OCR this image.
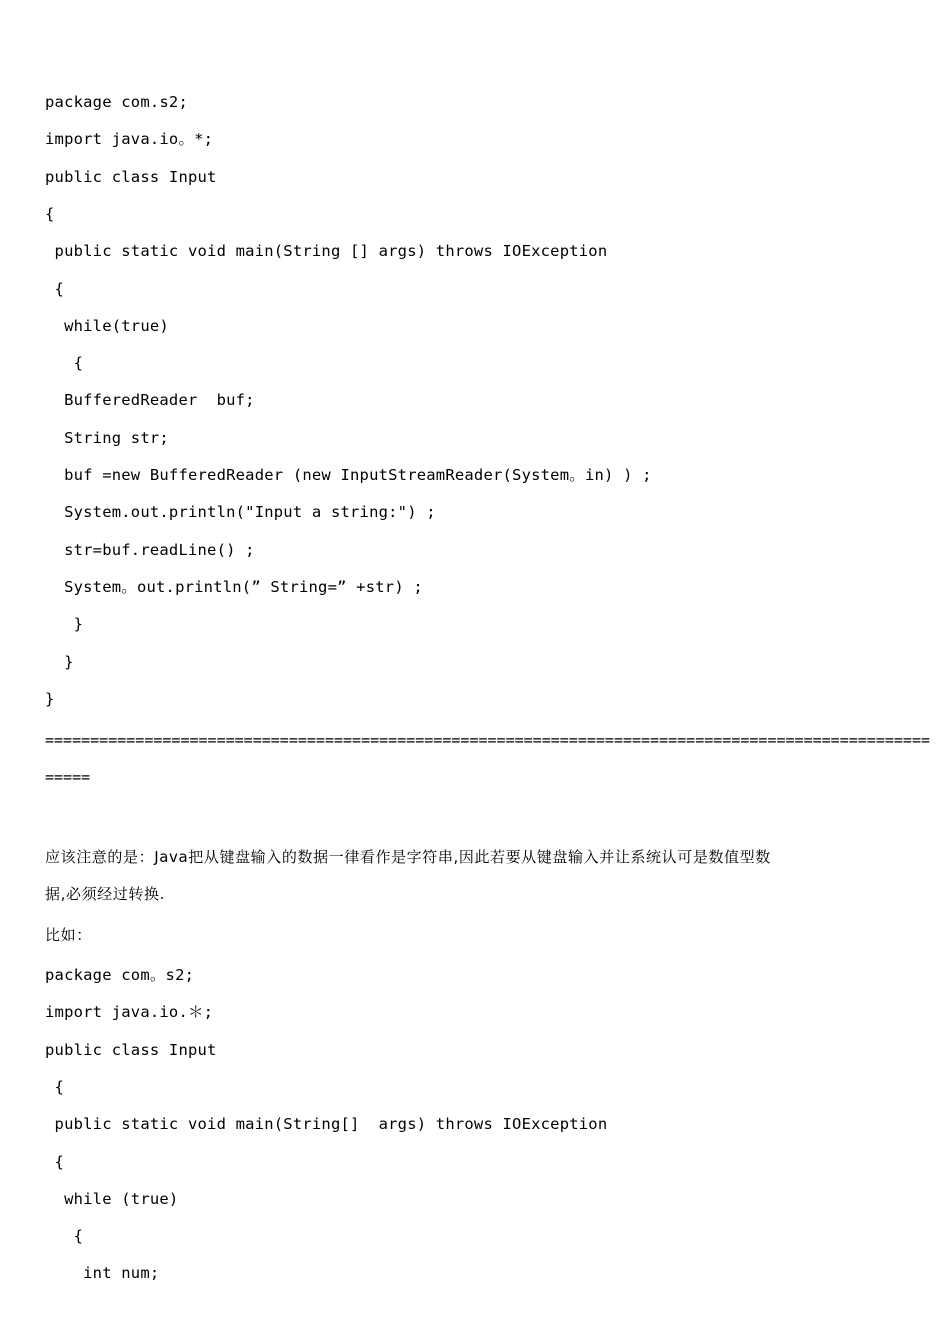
package com.s2;
import java.io。*;
public class Input
{
public static void main(String [] args) throws IOException
{
while(true)
{
BufferedReader  buf;
String str;
buf =new BufferedReader (new InputStreamReader(System。in) ) ;
System.out.println("Input a string:") ;
str=buf.readLine() ;
System。out.println(” String=” +str) ;
}
}
}
==================================================================================================
=====
应该注意的是：Java把从键盘输入的数据一律看作是字符串,因此若要从键盘输入并让系统认可是数值型数
据,必须经过转换.
比如：
package com。s2;
import java.io.＊;
public class Input
{
public static void main(String[]  args) throws IOException
{
while (true)
{
int num;
